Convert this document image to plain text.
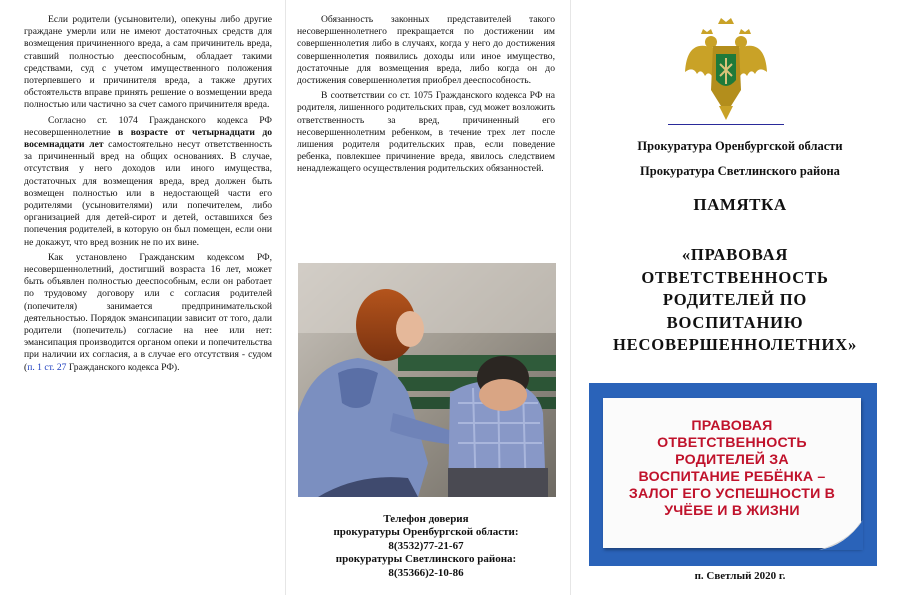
Если родители (усыновители), опекуны либо другие граждане умерли или не имеют достаточных средств для возмещения причиненного вреда, а сам причинитель вреда, ставший полностью дееспособным, обладает такими средствами, суд с учетом имущественного положения потерпевшего и причинителя вреда, а также других обстоятельств вправе принять решение о возмещении вреда полностью или частично за счет самого причинителя вреда.

Согласно ст. 1074 Гражданского кодекса РФ несовершеннолетние в возрасте от четырнадцати до восемнадцати лет самостоятельно несут ответственность за причиненный вред на общих основаниях. В случае, отсутствия у него доходов или иного имущества, достаточных для возмещения вреда, вред должен быть возмещен полностью или в недостающей части его родителями (усыновителями) или попечителем, либо организацией для детей-сирот и детей, оставшихся без попечения родителей, в которую он был помещен, если они не докажут, что вред возник не по их вине.

Как установлено Гражданским кодексом РФ, несовершеннолетний, достигший возраста 16 лет, может быть объявлен полностью дееспособным, если он работает по трудовому договору или с согласия родителей (попечителя) занимается предпринимательской деятельностью. Порядок эмансипации зависит от того, дали родители (попечитель) согласие на нее или нет: эмансипация производится органом опеки и попечительства при наличии их согласия, а в случае его отсутствия - судом (п. 1 ст. 27 Гражданского кодекса РФ).

Обязанность законных представителей такого несовершеннолетнего прекращается по достижении им совершеннолетия либо в случаях, когда у него до достижения совершеннолетия появились доходы или иное имущество, достаточные для возмещения вреда, либо когда он до достижения совершеннолетия приобрел дееспособность.

В соответствии со ст. 1075 Гражданского кодекса РФ на родителя, лишенного родительских прав, суд может возложить ответственность за вред, причиненный его несовершеннолетним ребенком, в течение трех лет после лишения родителя родительских прав, если поведение ребенка, повлекшее причинение вреда, явилось следствием ненадлежащего осуществления родительских обязанностей.

Телефон доверия
прокуратуры Оренбургской области:
8(3532)77-21-67
прокуратуры Светлинского района:
8(35366)2-10-86
Прокуратура Оренбургской области
Прокуратура Светлинского района
ПАМЯТКА
«ПРАВОВАЯ
ОТВЕТСТВЕННОСТЬ
РОДИТЕЛЕЙ ПО
ВОСПИТАНИЮ
НЕСОВЕРШЕННОЛЕТНИХ»
ПРАВОВАЯ
ОТВЕТСТВЕННОСТЬ
РОДИТЕЛЕЙ ЗА
ВОСПИТАНИЕ РЕБЁНКА –
ЗАЛОГ ЕГО УСПЕШНОСТИ В
УЧЁБЕ И В ЖИЗНИ
п. Светлый 2020 г.
